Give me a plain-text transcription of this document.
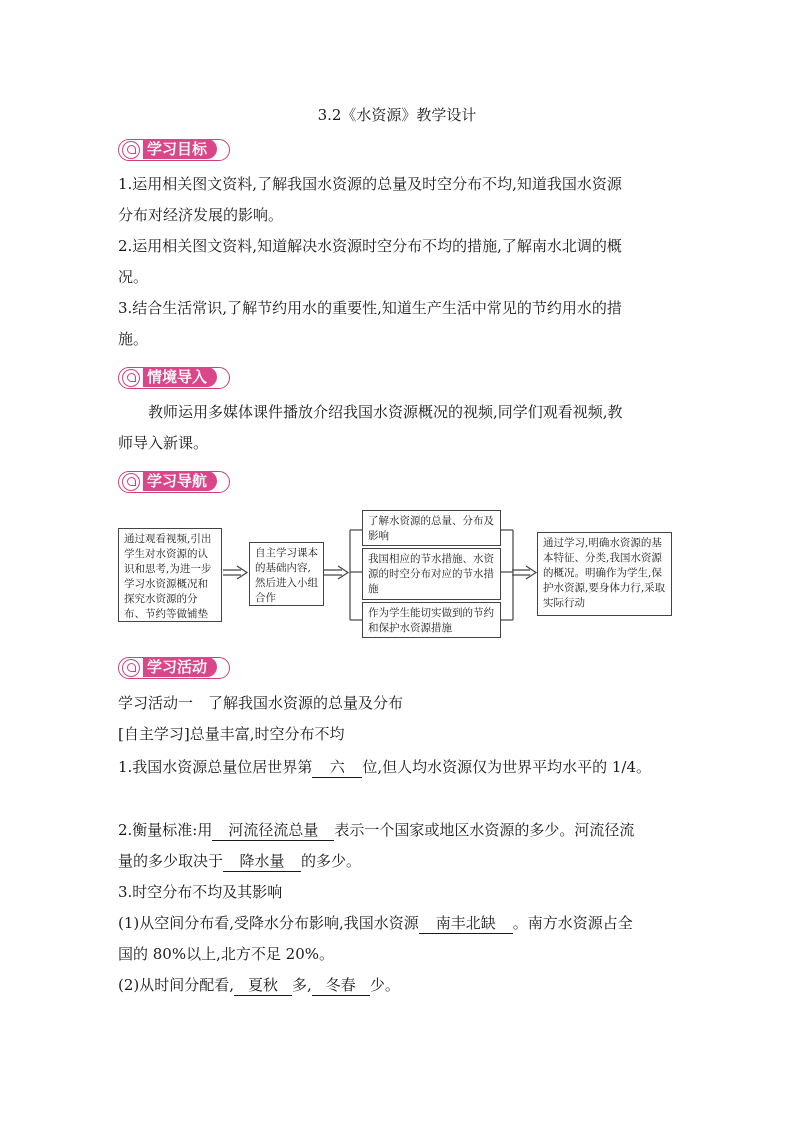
3.2《水资源》教学设计
学习目标
1.运用相关图文资料,了解我国水资源的总量及时空分布不均,知道我国水资源
分布对经济发展的影响。
2.运用相关图文资料,知道解决水资源时空分布不均的措施,了解南水北调的概
况。
3.结合生活常识,了解节约用水的重要性,知道生产生活中常见的节约用水的措
施。
情境导入
教师运用多媒体课件播放介绍我国水资源概况的视频,同学们观看视频,教
师导入新课。
学习导航
通过观看视频,引出学生对水资源的认识和思考,为进一步学习水资源概况和探究水资源的分布、节约等做铺垫
自主学习课本的基础内容,然后进入小组合作
了解水资源的总量、分布及影响
我国相应的节水措施、水资源的时空分布对应的节水措施
作为学生能切实做到的节约和保护水资源措施
通过学习,明确水资源的基本特征、分类,我国水资源的概况。明确作为学生,保护水资源,要身体力行,采取实际行动
学习活动
学习活动一　了解我国水资源的总量及分布
[自主学习]总量丰富,时空分布不均
1.我国水资源总量位居世界第 六 位,但人均水资源仅为世界平均水平的 1/4。
2.衡量标准:用 河流径流总量 表示一个国家或地区水资源的多少。河流径流
量的多少取决于 降水量 的多少。
3.时空分布不均及其影响
(1)从空间分布看,受降水分布影响,我国水资源 南丰北缺 。南方水资源占全
国的 80%以上,北方不足 20%。
(2)从时间分配看, 夏秋 多, 冬春 少。
